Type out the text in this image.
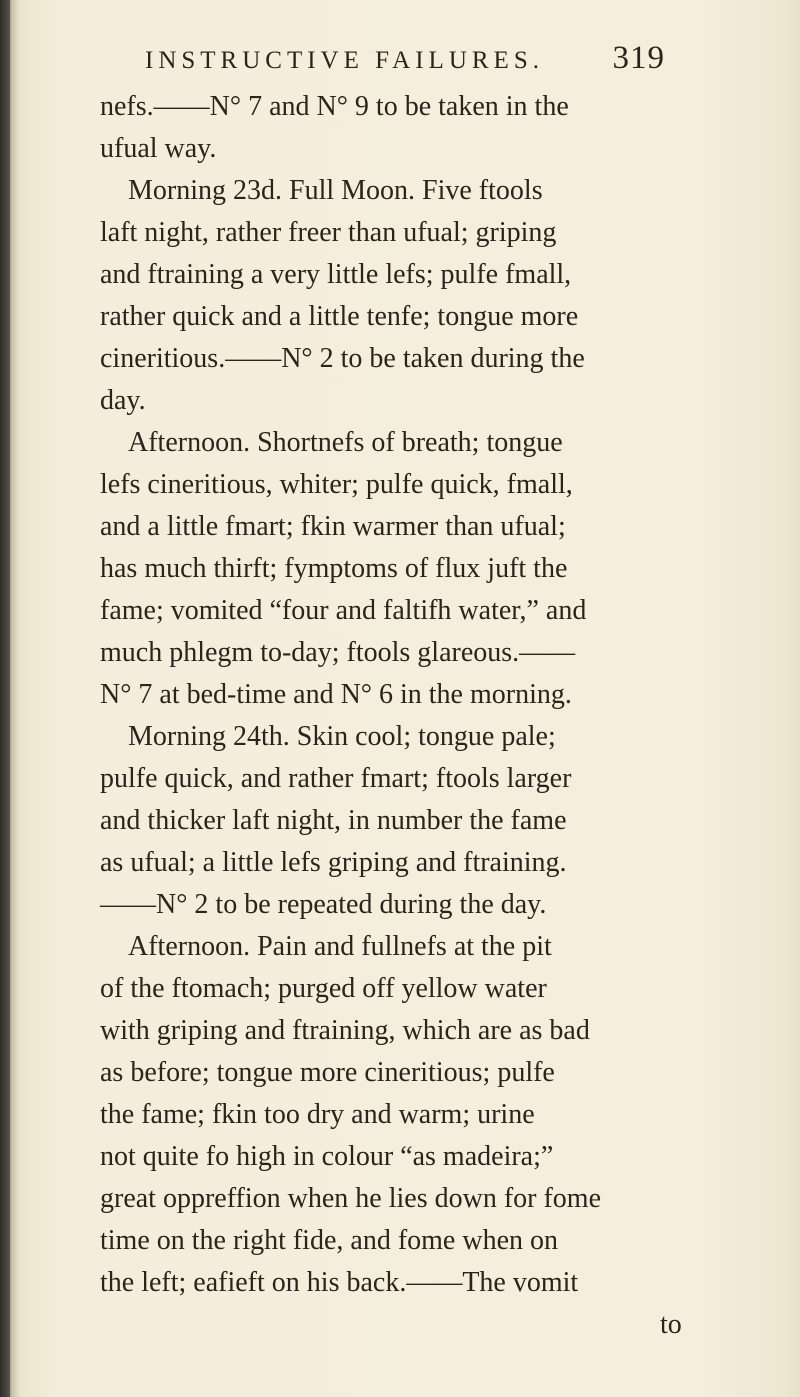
INSTRUCTIVE FAILURES. 319
nefs.——N° 7 and N° 9 to be taken in the
ufual way.
Morning 23d. Full Moon. Five ftools
laft night, rather freer than ufual; griping
and ftraining a very little lefs; pulfe fmall,
rather quick and a little tenfe; tongue more
cineritious.——N° 2 to be taken during the
day.
Afternoon. Shortnefs of breath; tongue
lefs cineritious, whiter; pulfe quick, fmall,
and a little fmart; fkin warmer than ufual;
has much thirft; fymptoms of flux juft the
fame; vomited “four and faltifh water,” and
much phlegm to-day; ftools glareous.——
N° 7 at bed-time and N° 6 in the morning.
Morning 24th. Skin cool; tongue pale;
pulfe quick, and rather fmart; ftools larger
and thicker laft night, in number the fame
as ufual; a little lefs griping and ftraining.
——N° 2 to be repeated during the day.
Afternoon. Pain and fullnefs at the pit
of the ftomach; purged off yellow water
with griping and ftraining, which are as bad
as before; tongue more cineritious; pulfe
the fame; fkin too dry and warm; urine
not quite fo high in colour “as madeira;”
great oppreffion when he lies down for fome
time on the right fide, and fome when on
the left; eafieft on his back.——The vomit
to
